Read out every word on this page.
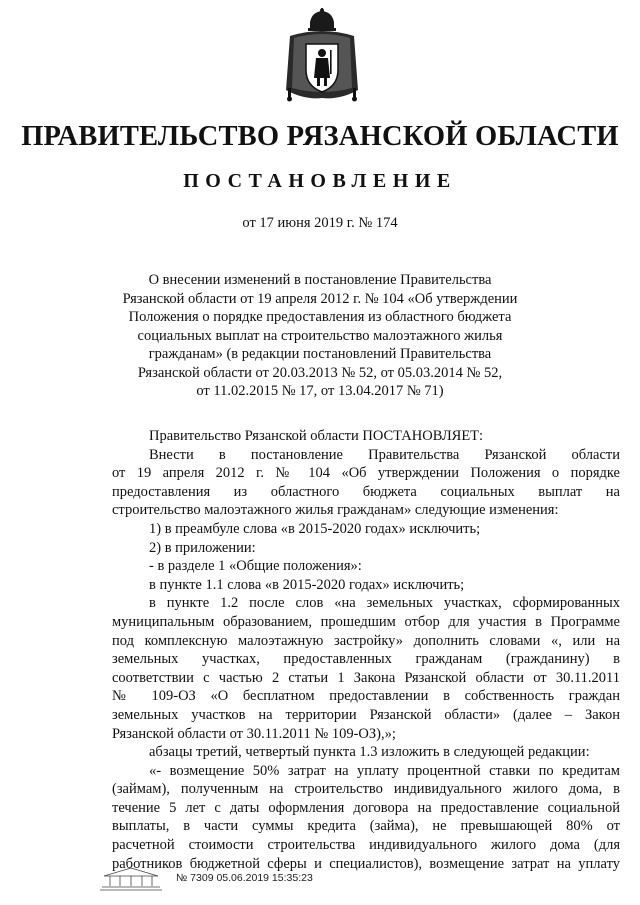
ПРАВИТЕЛЬСТВО РЯЗАНСКОЙ ОБЛАСТИ
ПОСТАНОВЛЕНИЕ
от 17 июня 2019 г. № 174
О внесении изменений в постановление Правительства
Рязанской области от 19 апреля 2012 г. № 104 «Об утверждении
Положения о порядке предоставления из областного бюджета
социальных выплат на строительство малоэтажного жилья
гражданам» (в редакции постановлений Правительства
Рязанской области от 20.03.2013 № 52, от 05.03.2014 № 52,
от 11.02.2015 № 17, от 13.04.2017 № 71)
Правительство Рязанской области ПОСТАНОВЛЯЕТ:
Внести в постановление Правительства Рязанской области
от 19 апреля 2012 г. № 104 «Об утверждении Положения о порядке
предоставления из областного бюджета социальных выплат на
строительство малоэтажного жилья гражданам» следующие изменения:
1) в преамбуле слова «в 2015-2020 годах» исключить;
2) в приложении:
- в разделе 1 «Общие положения»:
в пункте 1.1 слова «в 2015-2020 годах» исключить;
в пункте 1.2 после слов «на земельных участках, сформированных
муниципальным образованием, прошедшим отбор для участия в Программе
под комплексную малоэтажную застройку» дополнить словами «, или на
земельных участках, предоставленных гражданам (гражданину) в
соответствии с частью 2 статьи 1 Закона Рязанской области от 30.11.2011
№ 109-ОЗ «О бесплатном предоставлении в собственность граждан
земельных участков на территории Рязанской области» (далее – Закон
Рязанской области от 30.11.2011 № 109-ОЗ),»;
абзацы третий, четвертый пункта 1.3 изложить в следующей редакции:
«- возмещение 50% затрат на уплату процентной ставки по кредитам
(займам), полученным на строительство индивидуального жилого дома, в
течение 5 лет с даты оформления договора на предоставление социальной
выплаты, в части суммы кредита (займа), не превышающей 80% от
расчетной стоимости строительства индивидуального жилого дома (для
работников бюджетной сферы и специалистов), возмещение затрат на уплату
№ 7309 05.06.2019 15:35:23
